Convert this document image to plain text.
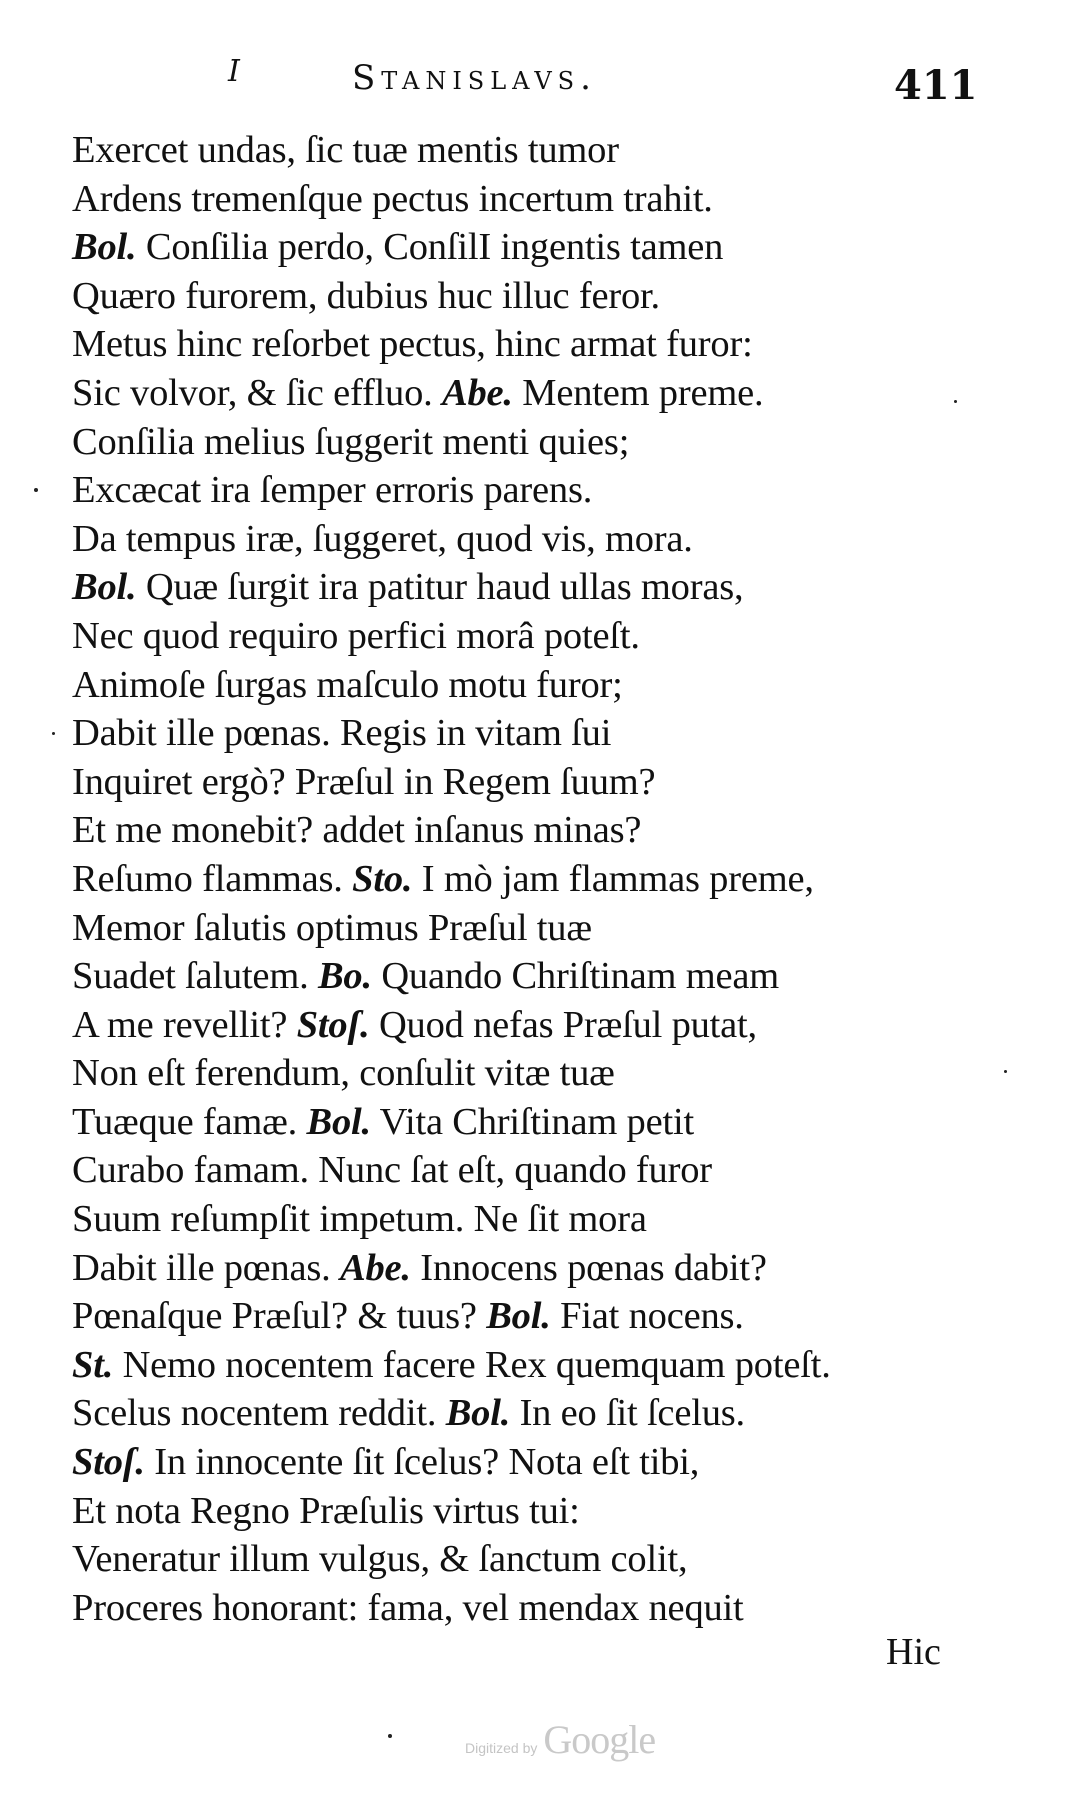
I	Stanislavs.	411
Exercet undas, ſic tuæ mentis tumor
Ardens tremenſque pectus incertum trahit.
Bol. Conſilia perdo, ConſilI ingentis tamen
Quæro furorem, dubius huc illuc feror.
Metus hinc reſorbet pectus, hinc armat furor:
Sic volvor, & ſic effluo. Abe. Mentem preme.
Conſilia melius ſuggerit menti quies;
Excæcat ira ſemper erroris parens.
Da tempus iræ, ſuggeret, quod vis, mora.
Bol. Quæ ſurgit ira patitur haud ullas moras,
Nec quod requiro perfici morâ poteſt.
Animoſe ſurgas maſculo motu furor;
Dabit ille pœnas. Regis in vitam ſui
Inquiret ergò? Præſul in Regem ſuum?
Et me monebit? addet inſanus minas?
Reſumo flammas. Sto. I mò jam flammas preme,
Memor ſalutis optimus Præſul tuæ
Suadet ſalutem. Bo. Quando Chriſtinam meam
A me revellit? Stoſ. Quod nefas Præſul putat,
Non eſt ferendum, conſulit vitæ tuæ
Tuæque famæ. Bol. Vita Chriſtinam petit
Curabo famam. Nunc ſat eſt, quando furor
Suum reſumpſit impetum. Ne ſit mora
Dabit ille pœnas. Abe. Innocens pœnas dabit?
Pœnaſque Præſul? & tuus? Bol. Fiat nocens.
St. Nemo nocentem facere Rex quemquam poteſt.
Scelus nocentem reddit. Bol. In eo ſit ſcelus.
Stoſ. In innocente ſit ſcelus? Nota eſt tibi,
Et nota Regno Præſulis virtus tui:
Veneratur illum vulgus, & ſanctum colit,
Proceres honorant: fama, vel mendax nequit
Hic
Digitized by Google
